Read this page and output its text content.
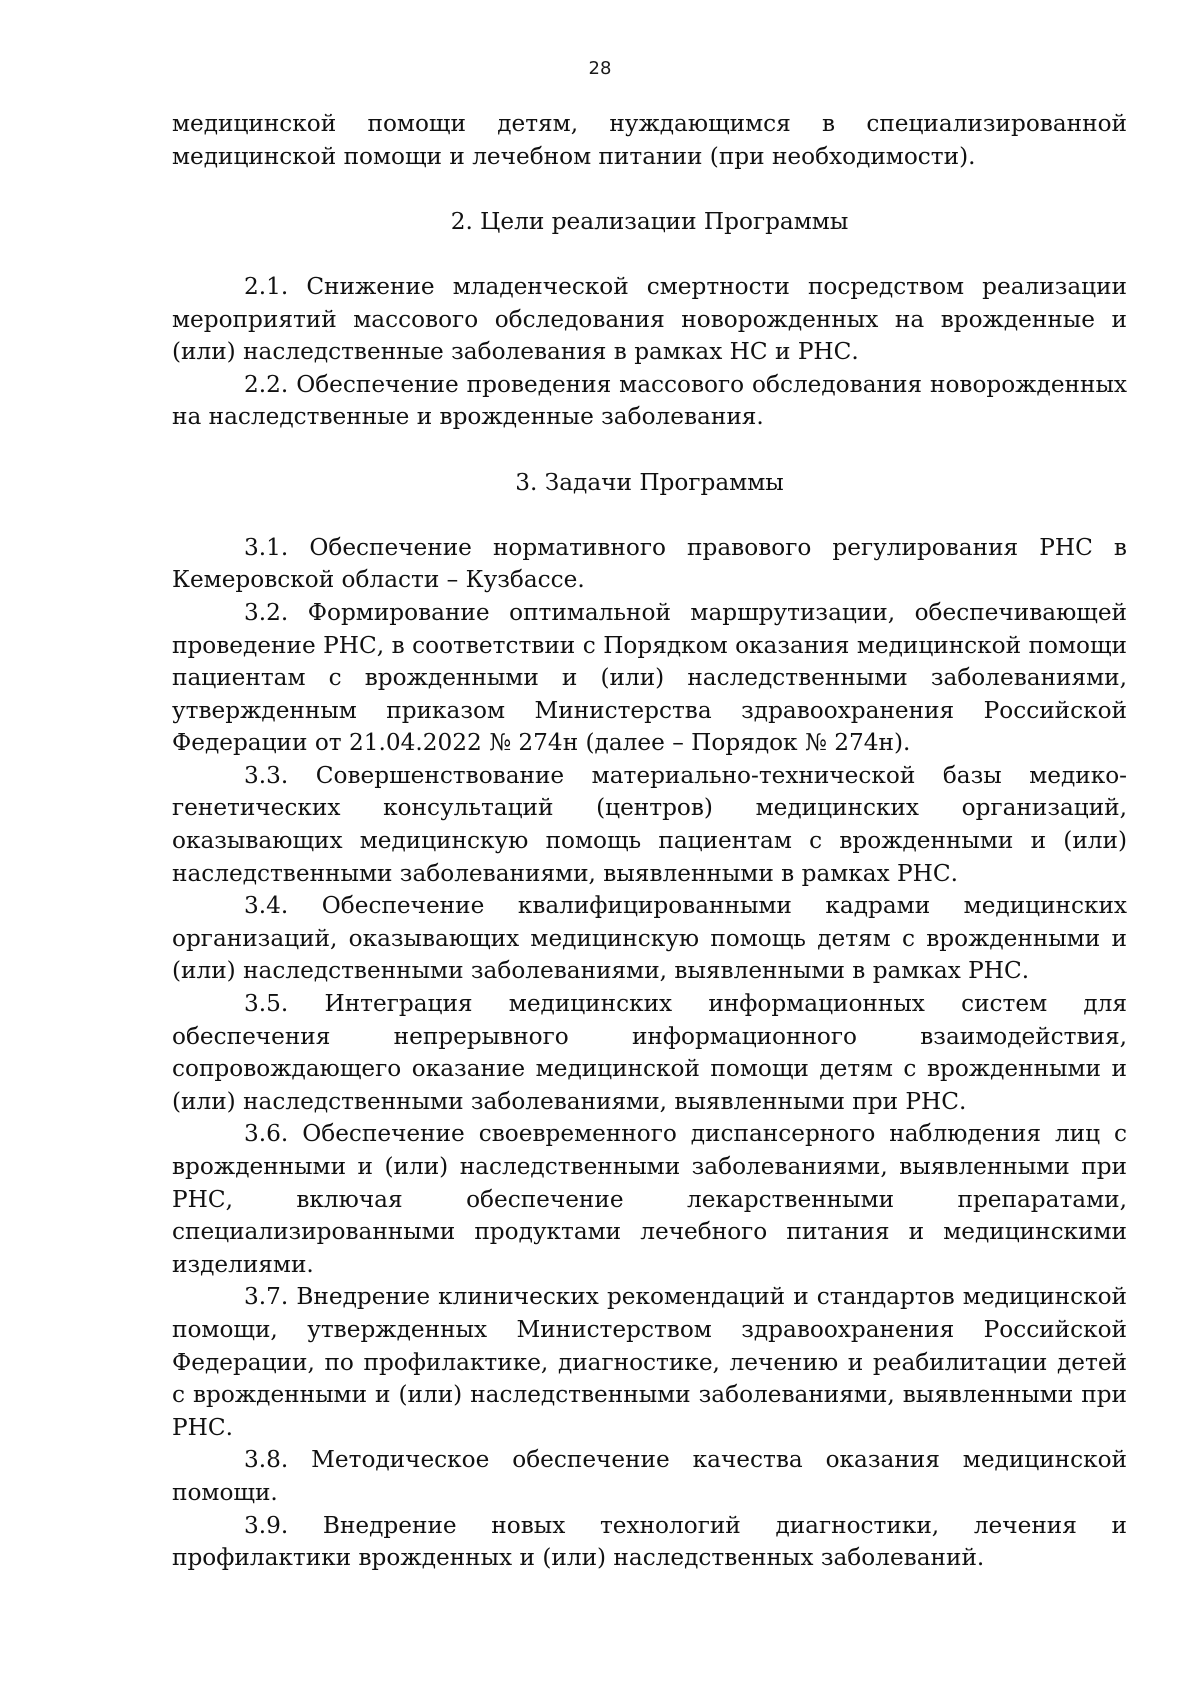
28

медицинской помощи детям, нуждающимся в специализированной медицинской помощи и лечебном питании (при необходимости).

2. Цели реализации Программы

2.1. Снижение младенческой смертности посредством реализации мероприятий массового обследования новорожденных на врожденные и (или) наследственные заболевания в рамках НС и РНС.

2.2. Обеспечение проведения массового обследования новорожденных на наследственные и врожденные заболевания.

3. Задачи Программы

3.1. Обеспечение нормативного правового регулирования РНС в Кемеровской области – Кузбассе.

3.2. Формирование оптимальной маршрутизации, обеспечивающей проведение РНС, в соответствии с Порядком оказания медицинской помощи пациентам с врожденными и (или) наследственными заболеваниями, утвержденным приказом Министерства здравоохранения Российской Федерации от 21.04.2022 № 274н (далее – Порядок № 274н).

3.3. Совершенствование материально-технической базы медико-генетических консультаций (центров) медицинских организаций, оказывающих медицинскую помощь пациентам с врожденными и (или) наследственными заболеваниями, выявленными в рамках РНС.

3.4. Обеспечение квалифицированными кадрами медицинских организаций, оказывающих медицинскую помощь детям с врожденными и (или) наследственными заболеваниями, выявленными в рамках РНС.

3.5. Интеграция медицинских информационных систем для обеспечения непрерывного информационного взаимодействия, сопровождающего оказание медицинской помощи детям с врожденными и (или) наследственными заболеваниями, выявленными при РНС.

3.6. Обеспечение своевременного диспансерного наблюдения лиц с врожденными и (или) наследственными заболеваниями, выявленными при РНС, включая обеспечение лекарственными препаратами, специализированными продуктами лечебного питания и медицинскими изделиями.

3.7. Внедрение клинических рекомендаций и стандартов медицинской помощи, утвержденных Министерством здравоохранения Российской Федерации, по профилактике, диагностике, лечению и реабилитации детей с врожденными и (или) наследственными заболеваниями, выявленными при РНС.

3.8. Методическое обеспечение качества оказания медицинской помощи.

3.9. Внедрение новых технологий диагностики, лечения и профилактики врожденных и (или) наследственных заболеваний.
